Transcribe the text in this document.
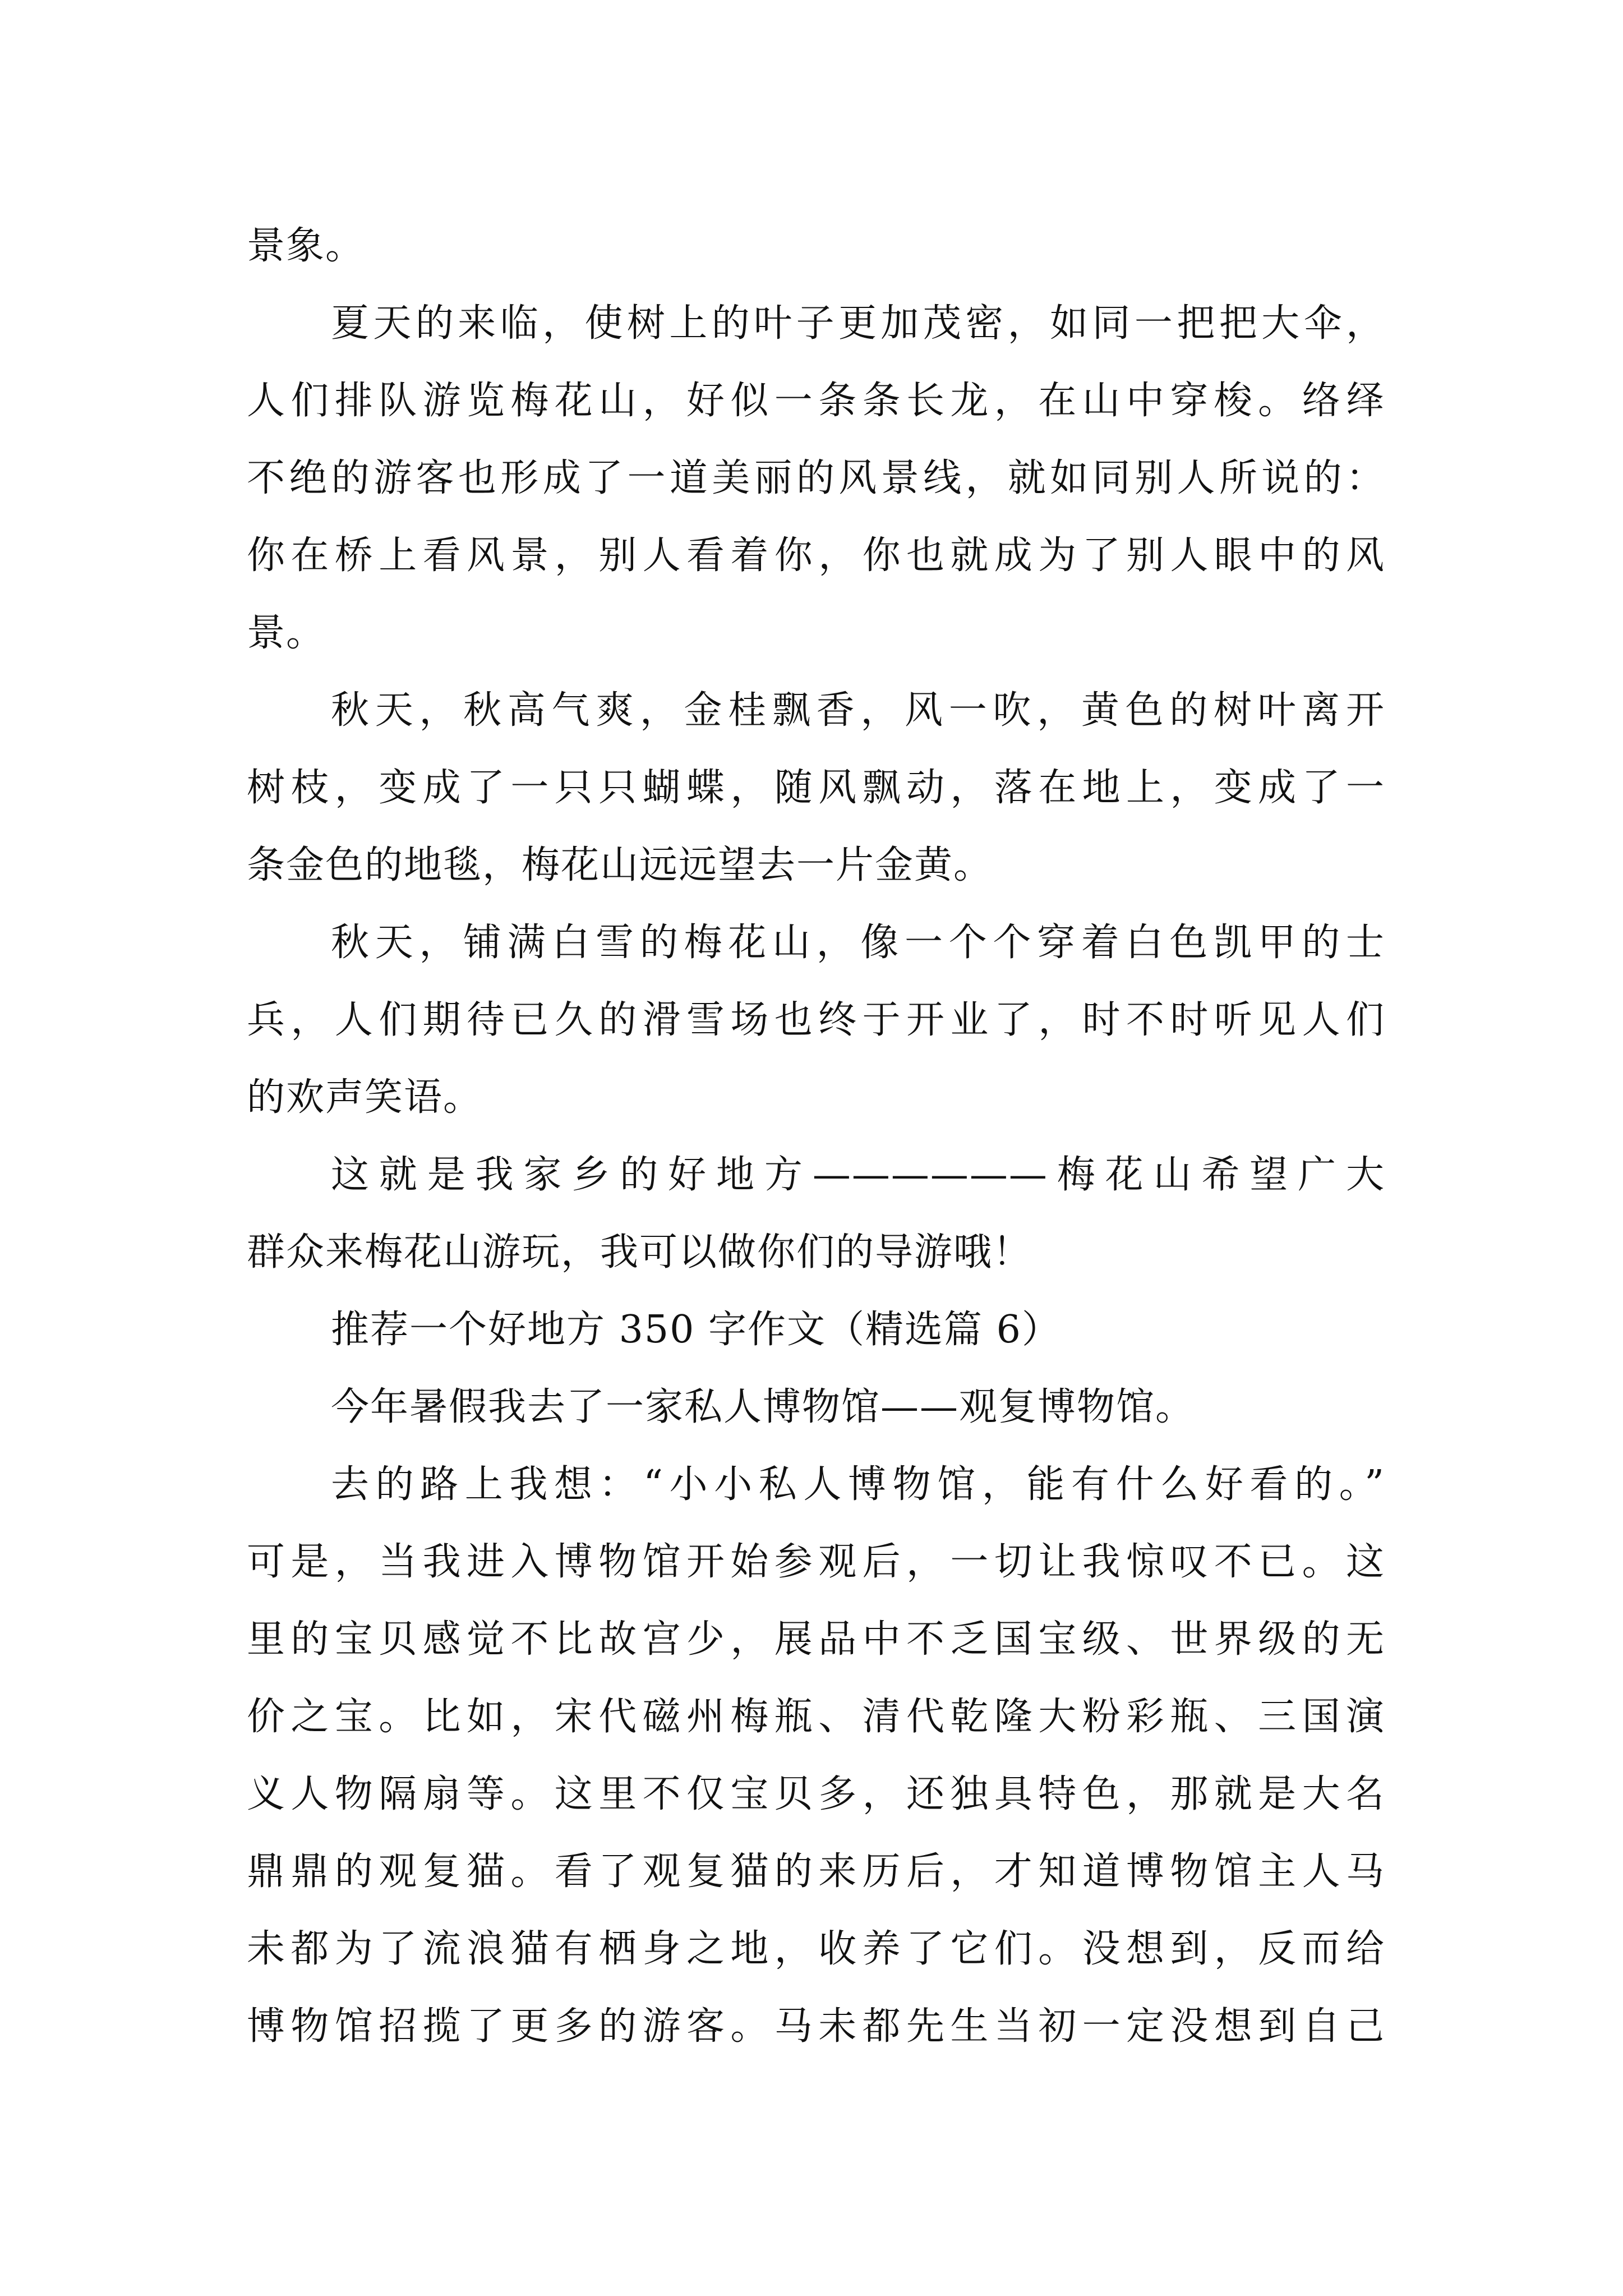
景象。
夏天的来临，使树上的叶子更加茂密，如同一把把大伞，
人们排队游览梅花山，好似一条条长龙，在山中穿梭。络绎
不绝的游客也形成了一道美丽的风景线，就如同别人所说的：
你在桥上看风景，别人看着你，你也就成为了别人眼中的风
景。
秋天，秋高气爽，金桂飘香，风一吹，黄色的树叶离开
树枝，变成了一只只蝴蝶，随风飘动，落在地上，变成了一
条金色的地毯，梅花山远远望去一片金黄。
秋天，铺满白雪的梅花山，像一个个穿着白色凯甲的士
兵，人们期待已久的滑雪场也终于开业了，时不时听见人们
的欢声笑语。
这就是我家乡的好地方——————梅花山希望广大
群众来梅花山游玩，我可以做你们的导游哦！
推荐一个好地方 350 字作文（精选篇 6）
今年暑假我去了一家私人博物馆——观复博物馆。
去的路上我想：“小小私人博物馆，能有什么好看的。”
可是，当我进入博物馆开始参观后，一切让我惊叹不已。这
里的宝贝感觉不比故宫少，展品中不乏国宝级、世界级的无
价之宝。比如，宋代磁州梅瓶、清代乾隆大粉彩瓶、三国演
义人物隔扇等。这里不仅宝贝多，还独具特色，那就是大名
鼎鼎的观复猫。看了观复猫的来历后，才知道博物馆主人马
未都为了流浪猫有栖身之地，收养了它们。没想到，反而给
博物馆招揽了更多的游客。马未都先生当初一定没想到自己
